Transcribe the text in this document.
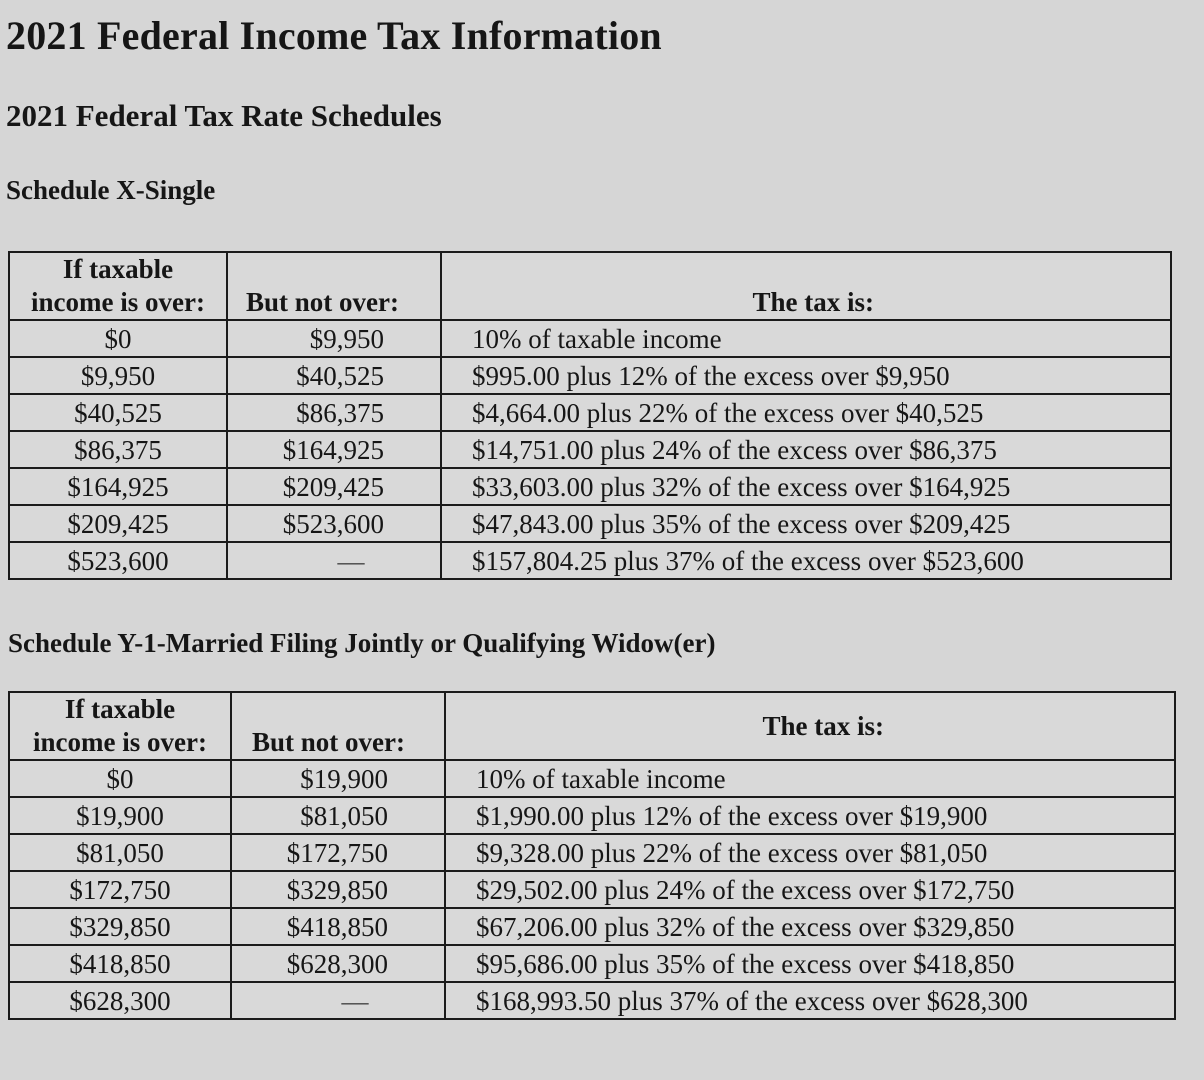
2021 Federal Income Tax Information
2021 Federal Tax Rate Schedules
Schedule X-Single
If taxable
income is over:	But not over:	The tax is:
$0	$9,950	10% of taxable income
$9,950	$40,525	$995.00 plus 12% of the excess over $9,950
$40,525	$86,375	$4,664.00 plus 22% of the excess over $40,525
$86,375	$164,925	$14,751.00 plus 24% of the excess over $86,375
$164,925	$209,425	$33,603.00 plus 32% of the excess over $164,925
$209,425	$523,600	$47,843.00 plus 35% of the excess over $209,425
$523,600	—	$157,804.25 plus 37% of the excess over $523,600
Schedule Y-1-Married Filing Jointly or Qualifying Widow(er)
If taxable
income is over:	But not over:	The tax is:
$0	$19,900	10% of taxable income
$19,900	$81,050	$1,990.00 plus 12% of the excess over $19,900
$81,050	$172,750	$9,328.00 plus 22% of the excess over $81,050
$172,750	$329,850	$29,502.00 plus 24% of the excess over $172,750
$329,850	$418,850	$67,206.00 plus 32% of the excess over $329,850
$418,850	$628,300	$95,686.00 plus 35% of the excess over $418,850
$628,300	—	$168,993.50 plus 37% of the excess over $628,300
